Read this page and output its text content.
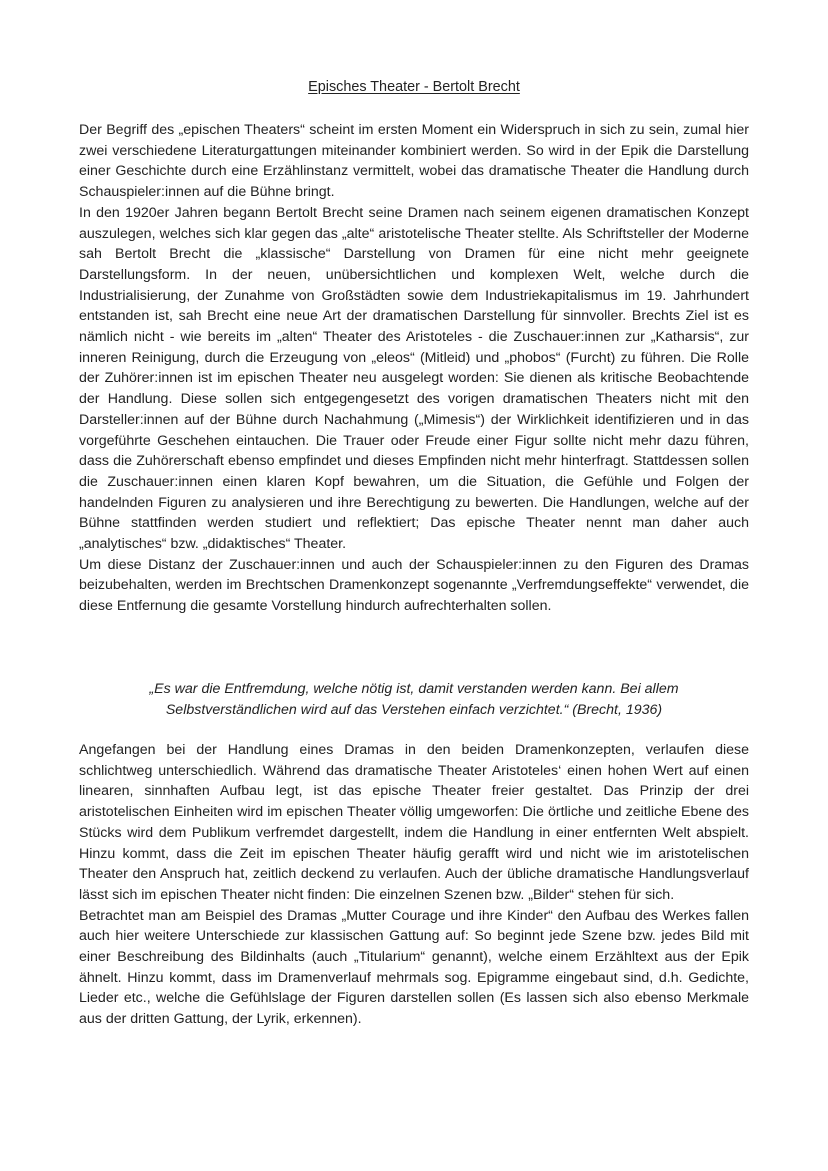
Episches Theater - Bertolt Brecht

Der Begriff des „epischen Theaters“ scheint im ersten Moment ein Widerspruch in sich zu sein, zumal hier zwei verschiedene Literaturgattungen miteinander kombiniert werden. So wird in der Epik die Darstellung einer Geschichte durch eine Erzählinstanz vermittelt, wobei das dramatische Theater die Handlung durch Schauspieler:innen auf die Bühne bringt.

In den 1920er Jahren begann Bertolt Brecht seine Dramen nach seinem eigenen dramatischen Konzept auszulegen, welches sich klar gegen das „alte“ aristotelische Theater stellte. Als Schriftsteller der Moderne sah Bertolt Brecht die „klassische“ Darstellung von Dramen für eine nicht mehr geeignete Darstellungsform. In der neuen, unübersichtlichen und komplexen Welt, welche durch die Industrialisierung, der Zunahme von Großstädten sowie dem Industriekapitalismus im 19. Jahrhundert entstanden ist, sah Brecht eine neue Art der dramatischen Darstellung für sinnvoller. Brechts Ziel ist es nämlich nicht - wie bereits im „alten“ Theater des Aristoteles - die Zuschauer:innen zur „Katharsis“, zur inneren Reinigung, durch die Erzeugung von „eleos“ (Mitleid) und „phobos“ (Furcht) zu führen. Die Rolle der Zuhörer:innen ist im epischen Theater neu ausgelegt worden: Sie dienen als kritische Beobachtende der Handlung. Diese sollen sich entgegengesetzt des vorigen dramatischen Theaters nicht mit den Darsteller:innen auf der Bühne durch Nachahmung („Mimesis“) der Wirklichkeit identifizieren und in das vorgeführte Geschehen eintauchen. Die Trauer oder Freude einer Figur sollte nicht mehr dazu führen, dass die Zuhörerschaft ebenso empfindet und dieses Empfinden nicht mehr hinterfragt. Stattdessen sollen die Zuschauer:innen einen klaren Kopf bewahren, um die Situation, die Gefühle und Folgen der handelnden Figuren zu analysieren und ihre Berechtigung zu bewerten. Die Handlungen, welche auf der Bühne stattfinden werden studiert und reflektiert; Das epische Theater nennt man daher auch „analytisches“ bzw. „didaktisches“ Theater.

Um diese Distanz der Zuschauer:innen und auch der Schauspieler:innen zu den Figuren des Dramas beizubehalten, werden im Brechtschen Dramenkonzept sogenannte „Verfremdungseffekte“ verwendet, die diese Entfernung die gesamte Vorstellung hindurch aufrechterhalten sollen.

„Es war die Entfremdung, welche nötig ist, damit verstanden werden kann. Bei allem
Selbstverständlichen wird auf das Verstehen einfach verzichtet.“ (Brecht, 1936)

Angefangen bei der Handlung eines Dramas in den beiden Dramenkonzepten, verlaufen diese schlichtweg unterschiedlich. Während das dramatische Theater Aristoteles‘ einen hohen Wert auf einen linearen, sinnhaften Aufbau legt, ist das epische Theater freier gestaltet. Das Prinzip der drei aristotelischen Einheiten wird im epischen Theater völlig umgeworfen: Die örtliche und zeitliche Ebene des Stücks wird dem Publikum verfremdet dargestellt, indem die Handlung in einer entfernten Welt abspielt. Hinzu kommt, dass die Zeit im epischen Theater häufig gerafft wird und nicht wie im aristotelischen Theater den Anspruch hat, zeitlich deckend zu verlaufen. Auch der übliche dramatische Handlungsverlauf lässt sich im epischen Theater nicht finden: Die einzelnen Szenen bzw. „Bilder“ stehen für sich.

Betrachtet man am Beispiel des Dramas „Mutter Courage und ihre Kinder“ den Aufbau des Werkes fallen auch hier weitere Unterschiede zur klassischen Gattung auf: So beginnt jede Szene bzw. jedes Bild mit einer Beschreibung des Bildinhalts (auch „Titularium“ genannt), welche einem Erzähltext aus der Epik ähnelt. Hinzu kommt, dass im Dramenverlauf mehrmals sog. Epigramme eingebaut sind, d.h. Gedichte, Lieder etc., welche die Gefühlslage der Figuren darstellen sollen (Es lassen sich also ebenso Merkmale aus der dritten Gattung, der Lyrik, erkennen).
